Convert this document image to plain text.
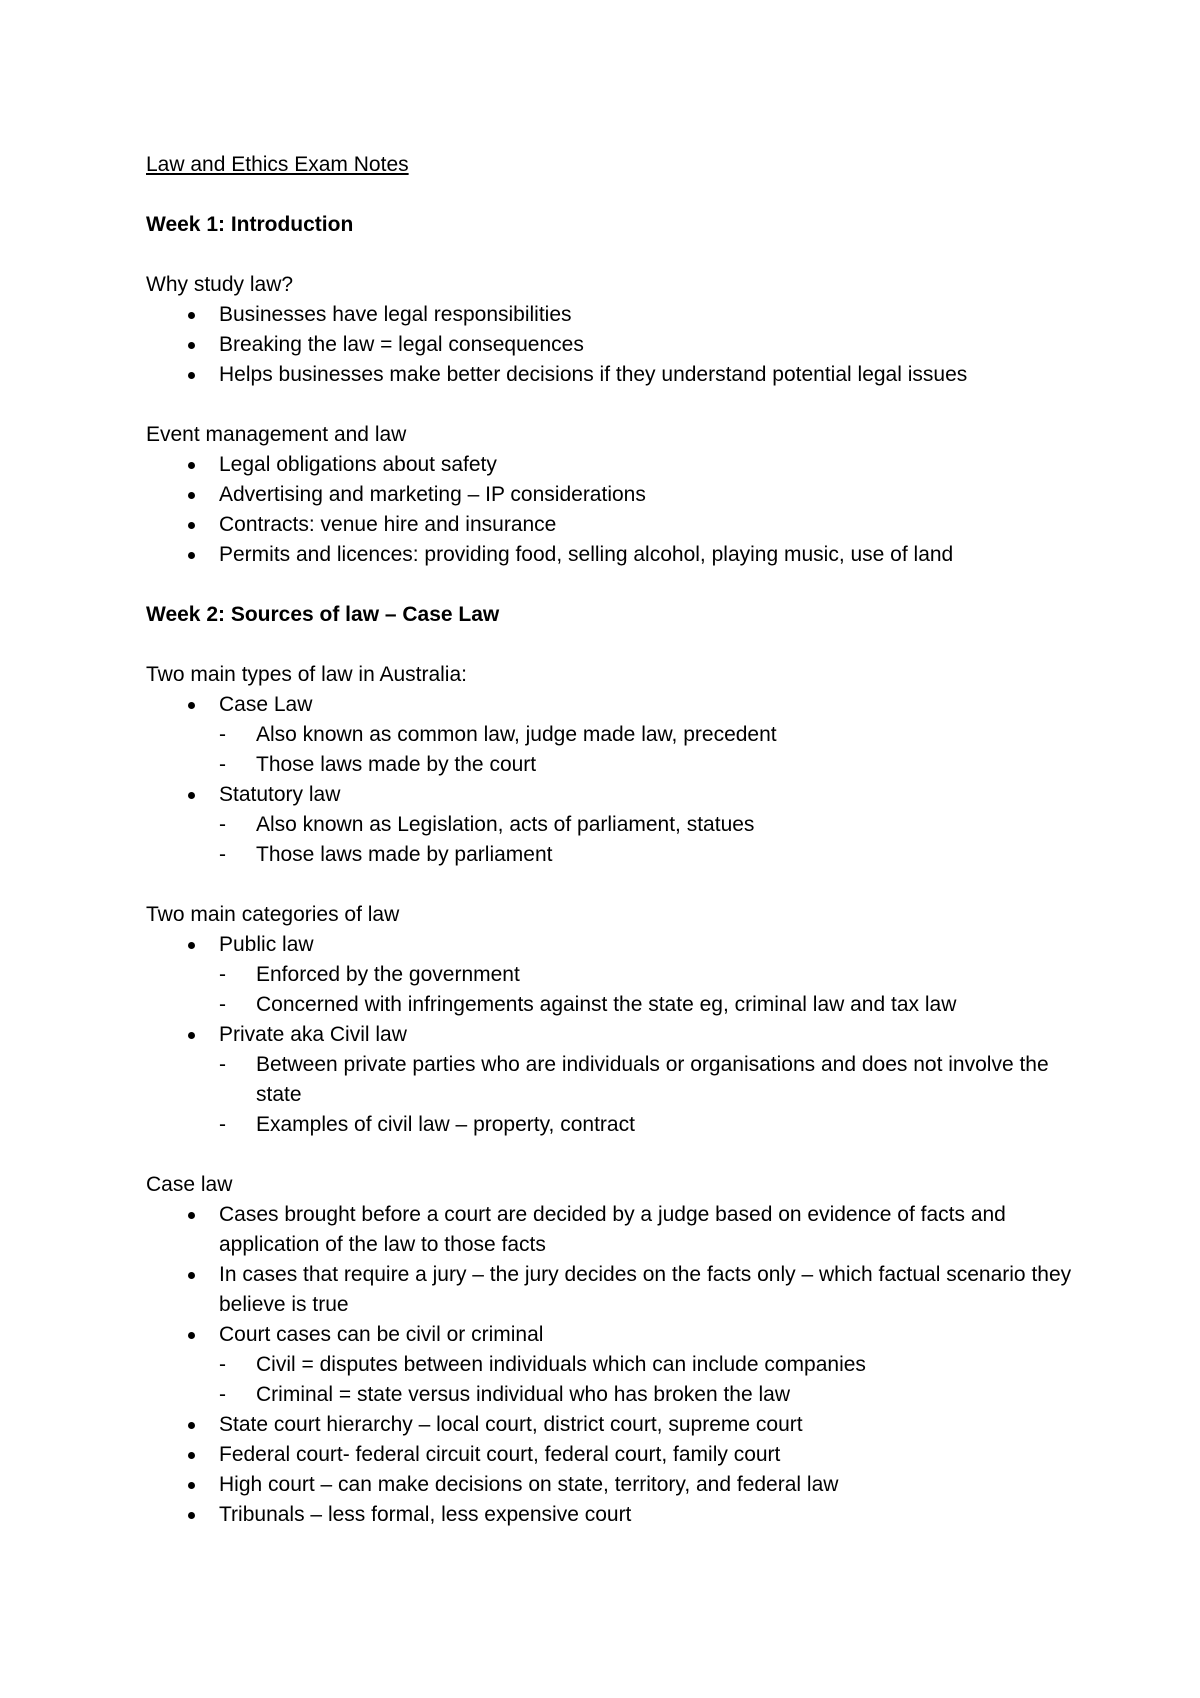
Law and Ethics Exam Notes

Week 1: Introduction

Why study law?

Businesses have legal responsibilities
Breaking the law = legal consequences
Helps businesses make better decisions if they understand potential legal issues

Event management and law

Legal obligations about safety
Advertising and marketing – IP considerations
Contracts: venue hire and insurance
Permits and licences: providing food, selling alcohol, playing music, use of land

Week 2: Sources of law – Case Law

Two main types of law in Australia:

Case Law
- Also known as common law, judge made law, precedent
- Those laws made by the court
Statutory law
- Also known as Legislation, acts of parliament, statues
- Those laws made by parliament

Two main categories of law

Public law
- Enforced by the government
- Concerned with infringements against the state eg, criminal law and tax law
Private aka Civil law
- Between private parties who are individuals or organisations and does not involve the state
- Examples of civil law – property, contract

Case law

Cases brought before a court are decided by a judge based on evidence of facts and application of the law to those facts
In cases that require a jury – the jury decides on the facts only – which factual scenario they believe is true
Court cases can be civil or criminal
- Civil = disputes between individuals which can include companies
- Criminal = state versus individual who has broken the law
State court hierarchy – local court, district court, supreme court
Federal court- federal circuit court, federal court, family court
High court – can make decisions on state, territory, and federal law
Tribunals – less formal, less expensive court
